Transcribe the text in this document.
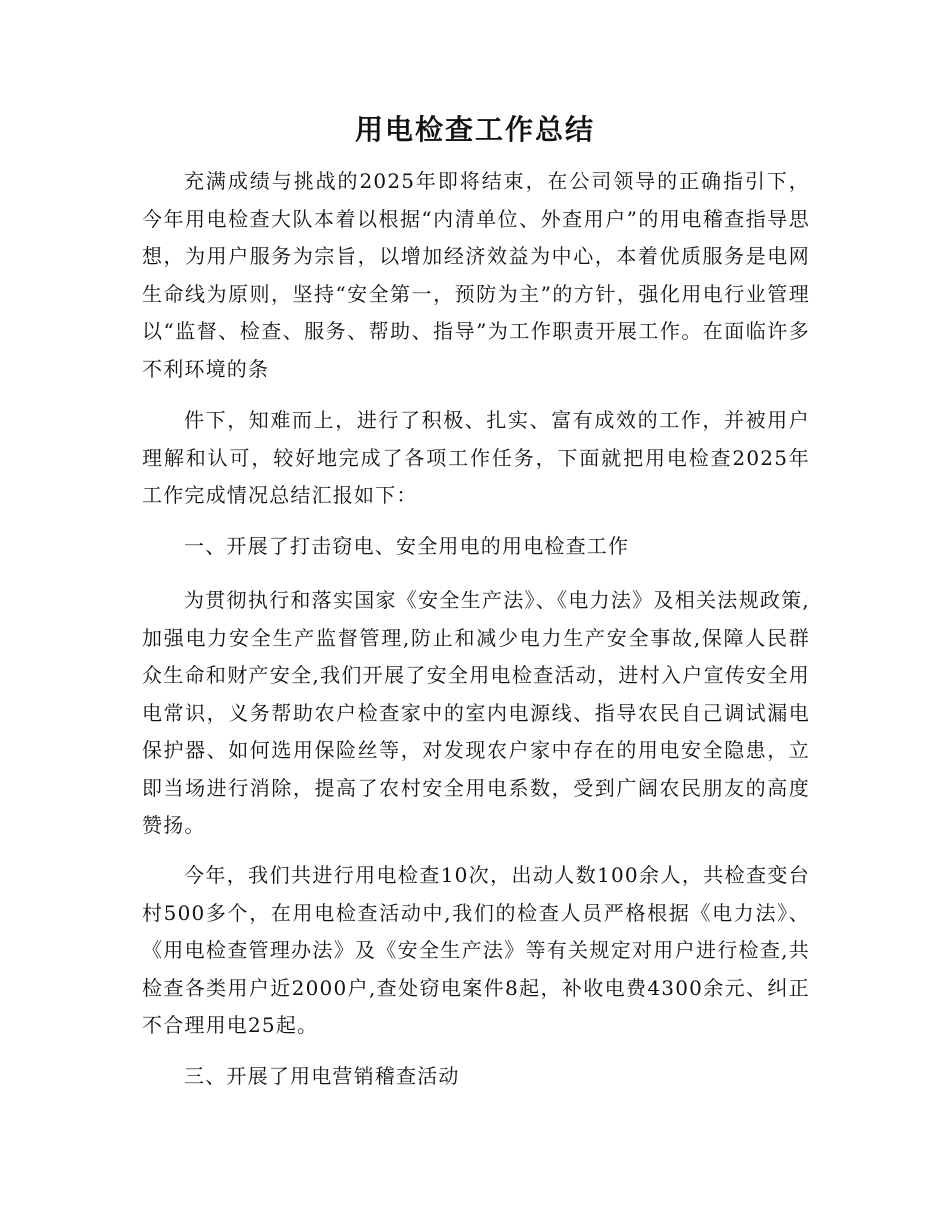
用电检查工作总结

充满成绩与挑战的2025年即将结束，在公司领导的正确指引下，今年用电检查大队本着以根据“内清单位、外查用户”的用电稽查指导思想，为用户服务为宗旨，以增加经济效益为中心，本着优质服务是电网生命线为原则，坚持“安全第一，预防为主”的方针，强化用电行业管理以“监督、检查、服务、帮助、指导”为工作职责开展工作。在面临许多不利环境的条

件下，知难而上，进行了积极、扎实、富有成效的工作，并被用户理解和认可，较好地完成了各项工作任务，下面就把用电检查2025年工作完成情况总结汇报如下：

一、开展了打击窃电、安全用电的用电检查工作

为贯彻执行和落实国家《安全生产法》、《电力法》及相关法规政策,加强电力安全生产监督管理,防止和减少电力生产安全事故,保障人民群众生命和财产安全,我们开展了安全用电检查活动，进村入户宣传安全用电常识，义务帮助农户检查家中的室内电源线、指导农民自己调试漏电保护器、如何选用保险丝等，对发现农户家中存在的用电安全隐患，立即当场进行消除，提高了农村安全用电系数，受到广阔农民朋友的高度赞扬。

今年，我们共进行用电检查10次，出动人数100余人，共检查变台村500多个，在用电检查活动中,我们的检查人员严格根据《电力法》、《用电检查管理办法》及《安全生产法》等有关规定对用户进行检查,共检查各类用户近2000户,查处窃电案件8起，补收电费4300余元、纠正不合理用电25起。

三、开展了用电营销稽查活动
